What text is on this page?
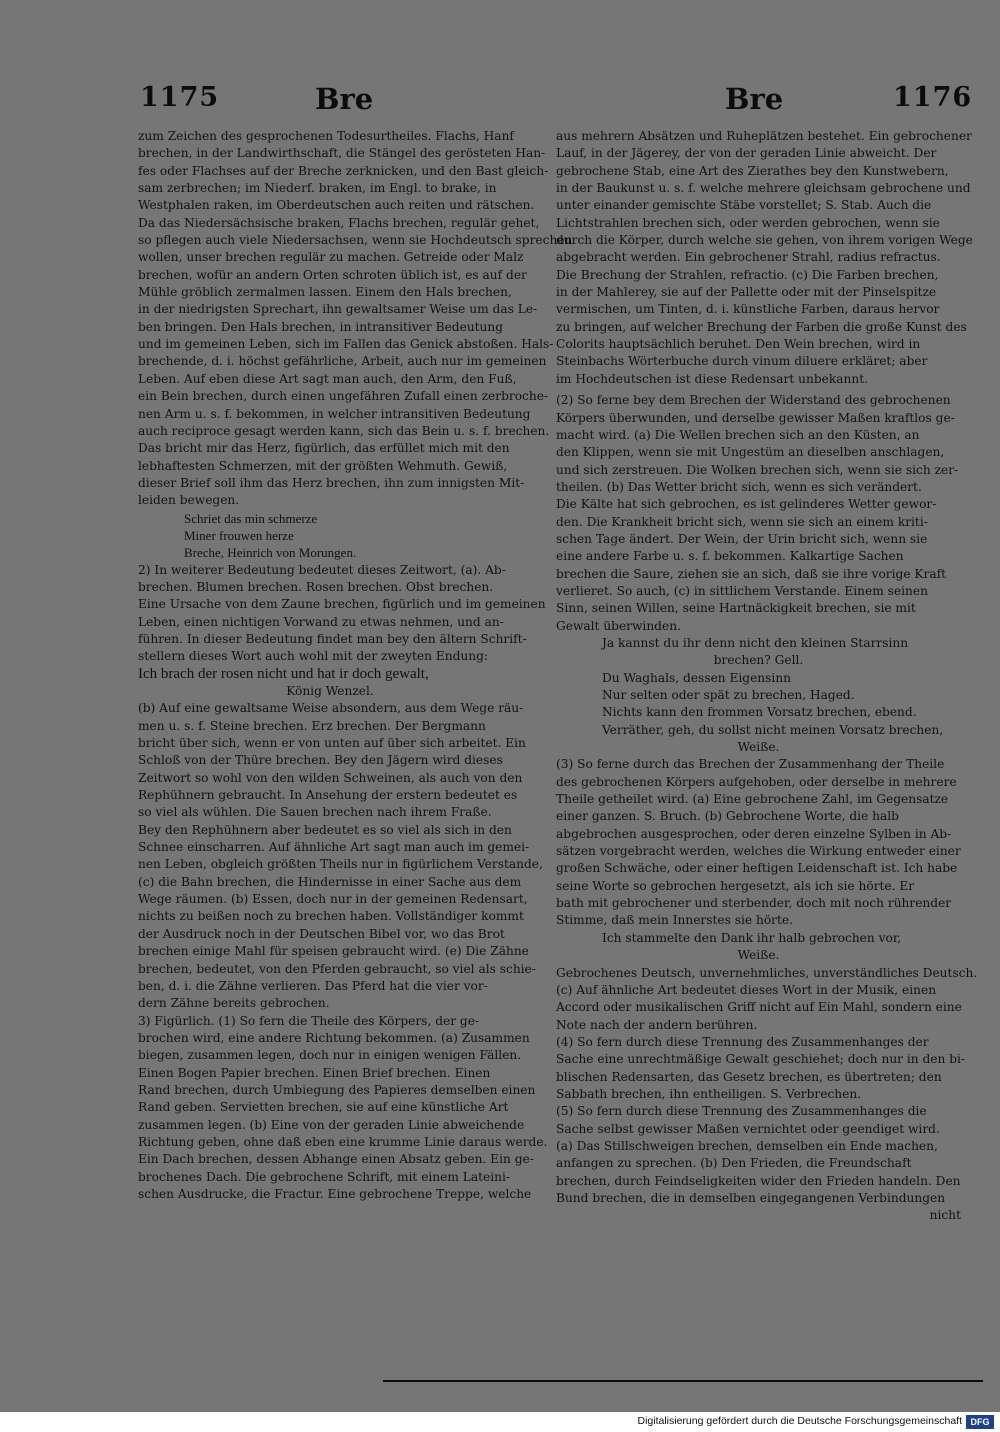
1175	Bre	Bre	1176
zum Zeichen des gesprochenen Todesurtheiles. Flachs, Hanf
brechen, in der Landwirthschaft, die Stängel des gerösteten Han-
fes oder Flachses auf der Breche zerknicken, und den Bast gleich-
sam zerbrechen; im Niederf. braken, im Engl. to brake, in
Westphalen raken, im Oberdeutschen auch reiten und rätschen.
Da das Niedersächsische braken, Flachs brechen, regulär gehet,
so pflegen auch viele Niedersachsen, wenn sie Hochdeutsch sprechen
wollen, unser brechen regulär zu machen. Getreide oder Malz
brechen, wofür an andern Orten schroten üblich ist, es auf der
Mühle gröblich zermalmen lassen. Einem den Hals brechen,
in der niedrigsten Sprechart, ihn gewaltsamer Weise um das Le-
ben bringen. Den Hals brechen, in intransitiver Bedeutung
und im gemeinen Leben, sich im Fallen das Genick abstoßen. Hals-
brechende, d. i. höchst gefährliche, Arbeit, auch nur im gemeinen
Leben. Auf eben diese Art sagt man auch, den Arm, den Fuß,
ein Bein brechen, durch einen ungefähren Zufall einen zerbroche-
nen Arm u. s. f. bekommen, in welcher intransitiven Bedeutung
auch reciproce gesagt werden kann, sich das Bein u. s. f. brechen.
Das bricht mir das Herz, figürlich, das erfüllet mich mit den
lebhaftesten Schmerzen, mit der größten Wehmuth. Gewiß,
dieser Brief soll ihm das Herz brechen, ihn zum innigsten Mit-
leiden bewegen.
Schriet das min schmerze
Miner frouwen herze
Breche, Heinrich von Morungen.
2) In weiterer Bedeutung bedeutet dieses Zeitwort, (a). Ab-
brechen. Blumen brechen. Rosen brechen. Obst brechen.
Eine Ursache von dem Zaune brechen, figürlich und im gemeinen
Leben, einen nichtigen Vorwand zu etwas nehmen, und an-
führen. In dieser Bedeutung findet man bey den ältern Schrift-
stellern dieses Wort auch wohl mit der zweyten Endung:
Ich brach der rosen nicht und hat ir doch gewalt,
König Wenzel.
(b) Auf eine gewaltsame Weise absondern, aus dem Wege räu-
men u. s. f. Steine brechen. Erz brechen. Der Bergmann
bricht über sich, wenn er von unten auf über sich arbeitet. Ein
Schloß von der Thüre brechen. Bey den Jägern wird dieses
Zeitwort so wohl von den wilden Schweinen, als auch von den
Rephühnern gebraucht. In Ansehung der erstern bedeutet es
so viel als wühlen. Die Sauen brechen nach ihrem Fraße.
Bey den Rephühnern aber bedeutet es so viel als sich in den
Schnee einscharren. Auf ähnliche Art sagt man auch im gemei-
nen Leben, obgleich größten Theils nur in figürlichem Verstande,
(c) die Bahn brechen, die Hindernisse in einer Sache aus dem
Wege räumen. (b) Essen, doch nur in der gemeinen Redensart,
nichts zu beißen noch zu brechen haben. Vollständiger kommt
der Ausdruck noch in der Deutschen Bibel vor, wo das Brot
brechen einige Mahl für speisen gebraucht wird. (e) Die Zähne
brechen, bedeutet, von den Pferden gebraucht, so viel als schie-
ben, d. i. die Zähne verlieren. Das Pferd hat die vier vor-
dern Zähne bereits gebrochen.
3) Figürlich. (1) So fern die Theile des Körpers, der ge-
brochen wird, eine andere Richtung bekommen. (a) Zusammen
biegen, zusammen legen, doch nur in einigen wenigen Fällen.
Einen Bogen Papier brechen. Einen Brief brechen. Einen
Rand brechen, durch Umbiegung des Papieres demselben einen
Rand geben. Servietten brechen, sie auf eine künstliche Art
zusammen legen. (b) Eine von der geraden Linie abweichende
Richtung geben, ohne daß eben eine krumme Linie daraus werde.
Ein Dach brechen, dessen Abhange einen Absatz geben. Ein ge-
brochenes Dach. Die gebrochene Schrift, mit einem Lateini-
schen Ausdrucke, die Fractur. Eine gebrochene Treppe, welche
aus mehrern Absätzen und Ruheplätzen bestehet. Ein gebrochener
Lauf, in der Jägerey, der von der geraden Linie abweicht. Der
gebrochene Stab, eine Art des Zierathes bey den Kunstwebern,
in der Baukunst u. s. f. welche mehrere gleichsam gebrochene und
unter einander gemischte Stäbe vorstellet; S. Stab. Auch die
Lichtstrahlen brechen sich, oder werden gebrochen, wenn sie
durch die Körper, durch welche sie gehen, von ihrem vorigen Wege
abgebracht werden. Ein gebrochener Strahl, radius refractus.
Die Brechung der Strahlen, refractio. (c) Die Farben brechen,
in der Mahlerey, sie auf der Pallette oder mit der Pinselspitze
vermischen, um Tinten, d. i. künstliche Farben, daraus hervor
zu bringen, auf welcher Brechung der Farben die große Kunst des
Colorits hauptsächlich beruhet. Den Wein brechen, wird in
Steinbachs Wörterbuche durch vinum diluere erkläret; aber
im Hochdeutschen ist diese Redensart unbekannt.
(2) So ferne bey dem Brechen der Widerstand des gebrochenen
Körpers überwunden, und derselbe gewisser Maßen kraftlos ge-
macht wird. (a) Die Wellen brechen sich an den Küsten, an
den Klippen, wenn sie mit Ungestüm an dieselben anschlagen,
und sich zerstreuen. Die Wolken brechen sich, wenn sie sich zer-
theilen. (b) Das Wetter bricht sich, wenn es sich verändert.
Die Kälte hat sich gebrochen, es ist gelinderes Wetter gewor-
den. Die Krankheit bricht sich, wenn sie sich an einem kriti-
schen Tage ändert. Der Wein, der Urin bricht sich, wenn sie
eine andere Farbe u. s. f. bekommen. Kalkartige Sachen
brechen die Saure, ziehen sie an sich, daß sie ihre vorige Kraft
verlieret. So auch, (c) in sittlichem Verstande. Einem seinen
Sinn, seinen Willen, seine Hartnäckigkeit brechen, sie mit
Gewalt überwinden.
Ja kannst du ihr denn nicht den kleinen Starrsinn
brechen? Gell.
Du Waghals, dessen Eigensinn
Nur selten oder spät zu brechen, Haged.
Nichts kann den frommen Vorsatz brechen, ebend.
Verräther, geh, du sollst nicht meinen Vorsatz brechen,
Weiße.
(3) So ferne durch das Brechen der Zusammenhang der Theile
des gebrochenen Körpers aufgehoben, oder derselbe in mehrere
Theile getheilet wird. (a) Eine gebrochene Zahl, im Gegensatze
einer ganzen. S. Bruch. (b) Gebrochene Worte, die halb
abgebrochen ausgesprochen, oder deren einzelne Sylben in Ab-
sätzen vorgebracht werden, welches die Wirkung entweder einer
großen Schwäche, oder einer heftigen Leidenschaft ist. Ich habe
seine Worte so gebrochen hergesetzt, als ich sie hörte. Er
bath mit gebrochener und sterbender, doch mit noch rührender
Stimme, daß mein Innerstes sie hörte.
Ich stammelte den Dank ihr halb gebrochen vor,
Weiße.
Gebrochenes Deutsch, unvernehmliches, unverständliches Deutsch.
(c) Auf ähnliche Art bedeutet dieses Wort in der Musik, einen
Accord oder musikalischen Griff nicht auf Ein Mahl, sondern eine
Note nach der andern berühren.
(4) So fern durch diese Trennung des Zusammenhanges der
Sache eine unrechtmäßige Gewalt geschiehet; doch nur in den bi-
blischen Redensarten, das Gesetz brechen, es übertreten; den
Sabbath brechen, ihn entheiligen. S. Verbrechen.
(5) So fern durch diese Trennung des Zusammenhanges die
Sache selbst gewisser Maßen vernichtet oder geendiget wird.
(a) Das Stillschweigen brechen, demselben ein Ende machen,
anfangen zu sprechen. (b) Den Frieden, die Freundschaft
brechen, durch Feindseligkeiten wider den Frieden handeln. Den
Bund brechen, die in demselben eingegangenen Verbindungen
nicht
Digitalisierung gefördert durch die Deutsche Forschungsgemeinschaft DFG
